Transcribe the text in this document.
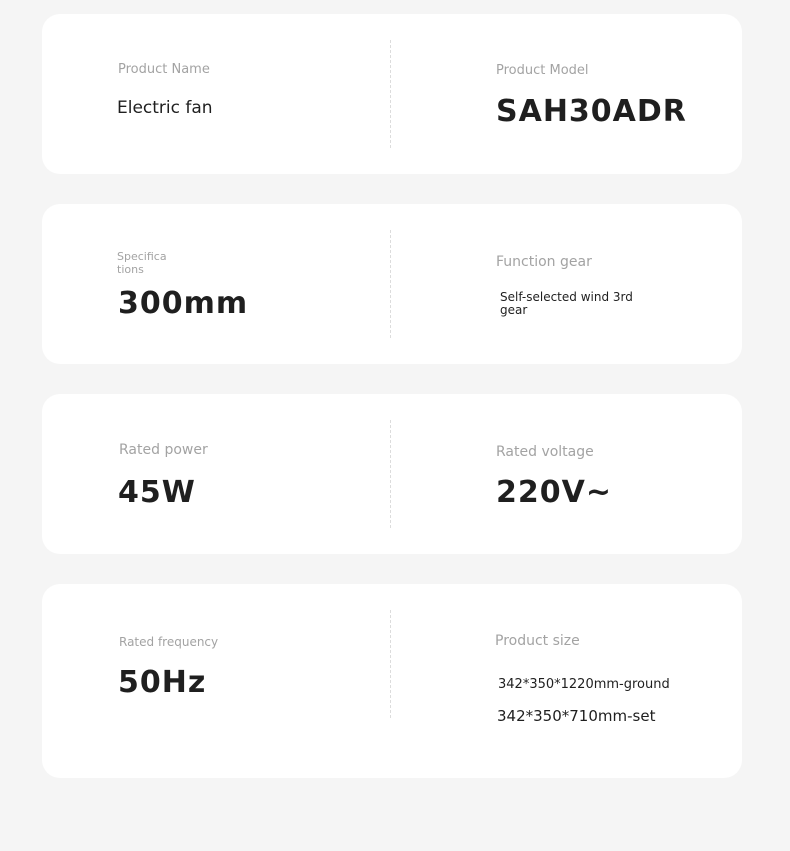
Product Name
Electric fan
Product Model
SAH30ADR
Specifications
300mm
Function gear
Self-selected wind 3rd gear
Rated power
45W
Rated voltage
220V~
Rated frequency
50Hz
Product size
342*350*1220mm-ground
342*350*710mm-set
